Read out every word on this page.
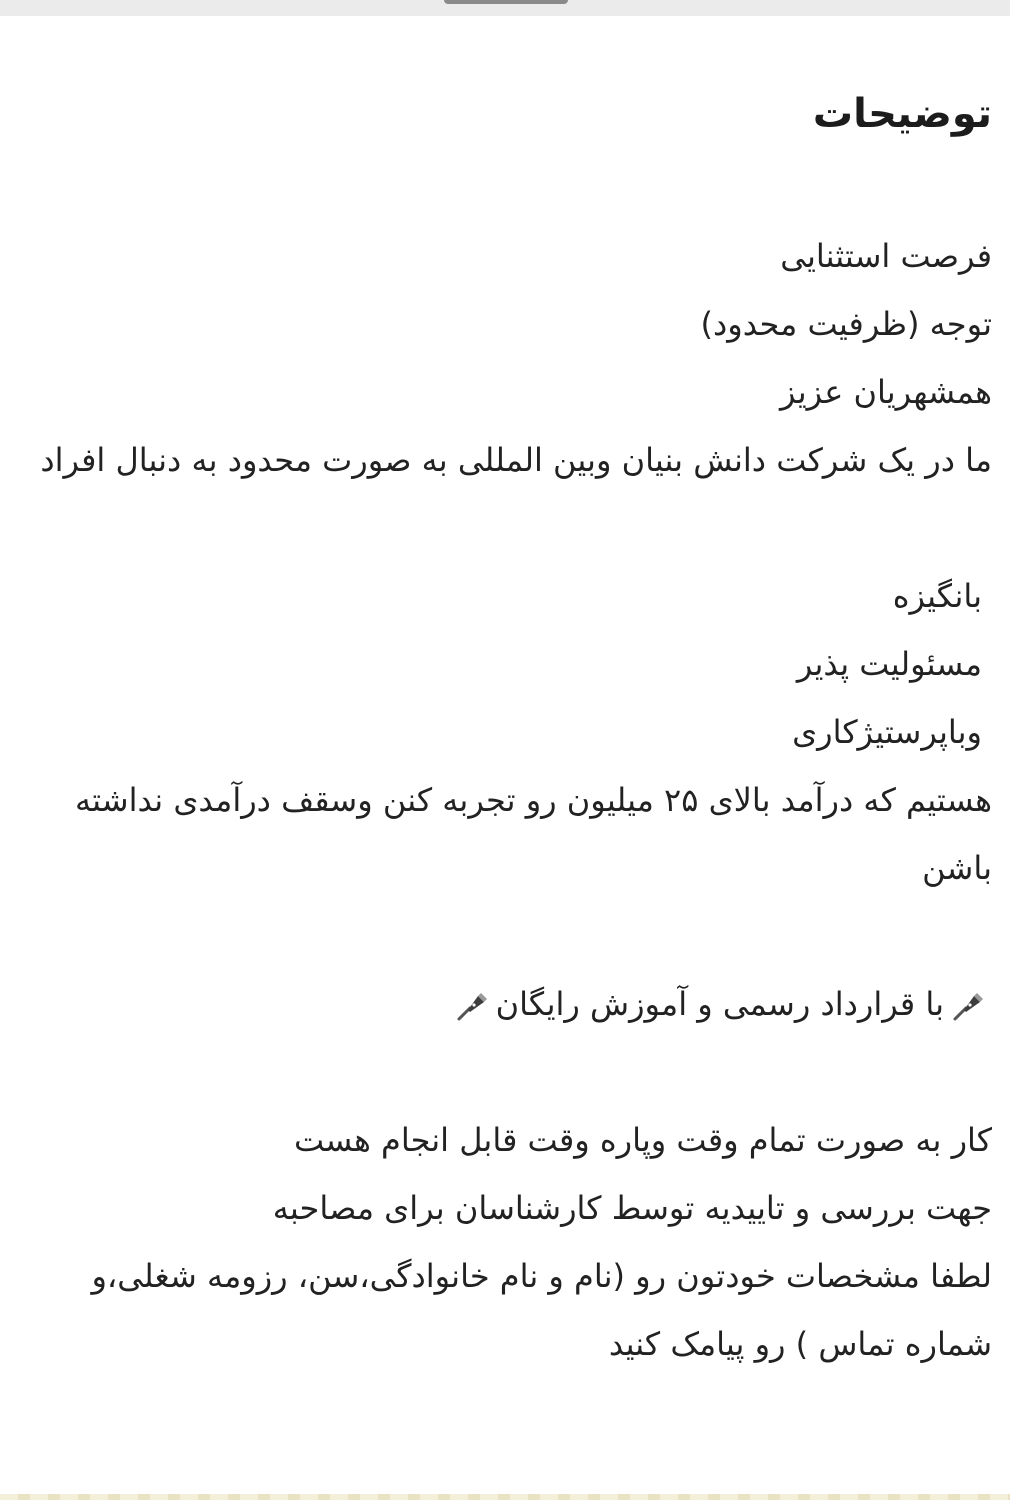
توضیحات
فرصت استثنایی
توجه (ظرفیت محدود)
همشهریان عزیز
ما در یک شرکت دانش بنیان وبین المللی به صورت محدود به دنبال افراد
بانگیزه
مسئولیت پذیر
وباپرستیژکاری
هستیم که درآمد بالای ۲۵ میلیون رو تجربه کنن وسقف درآمدی نداشته باشن
با قرارداد رسمی و آموزش رایگان
کار به صورت تمام وقت وپاره وقت قابل انجام هست
جهت بررسی و تاییدیه توسط کارشناسان برای مصاحبه
لطفا مشخصات خودتون رو (نام و نام خانوادگی،سن، رزومه شغلی،و شماره تماس ) رو پیامک کنید
